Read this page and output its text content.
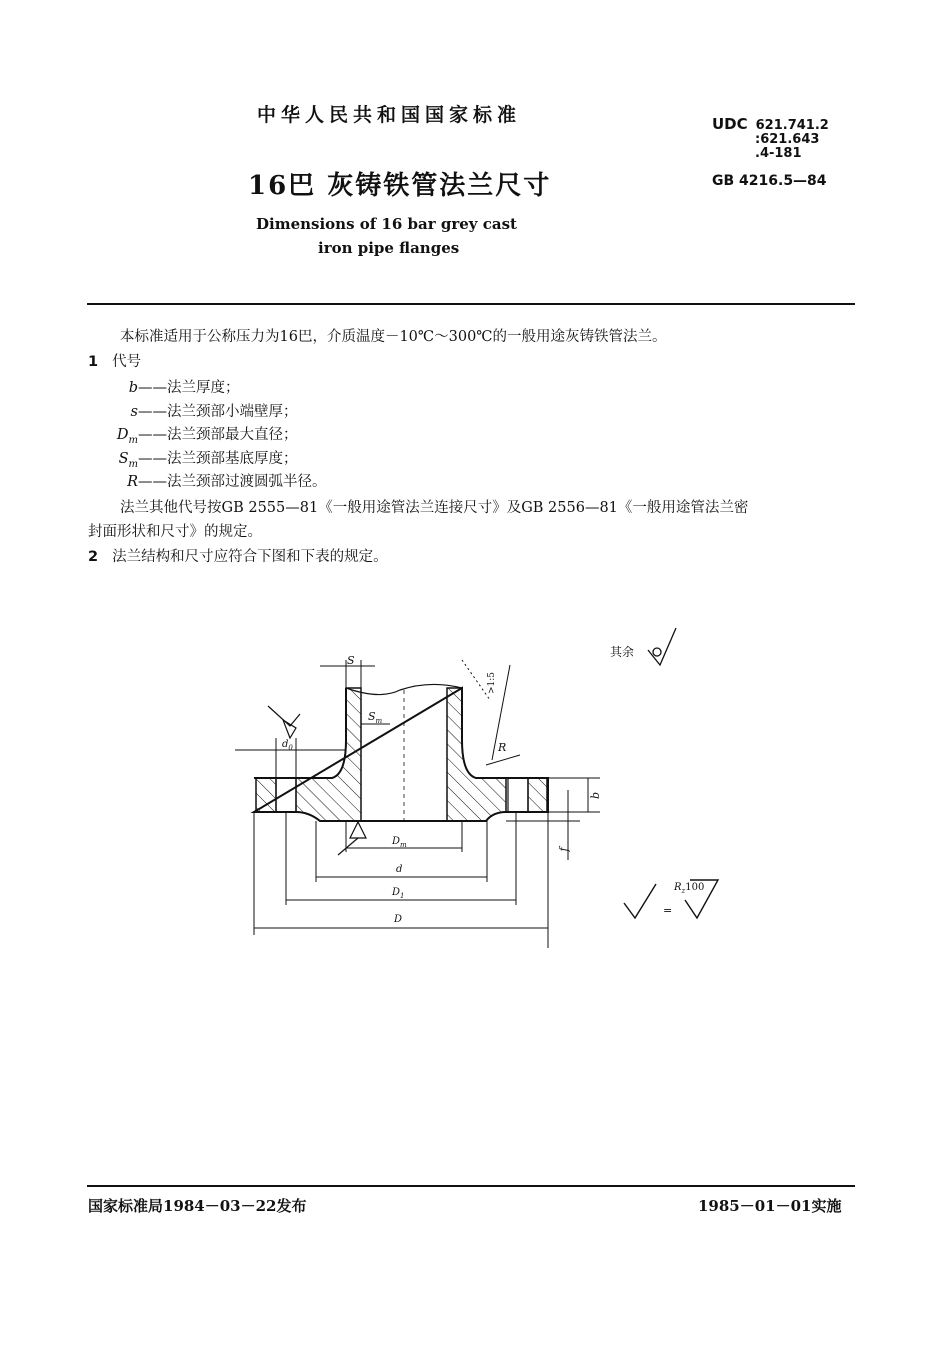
中华人民共和国国家标准	UDC 621.741.2
:621.643
.4-181
GB 4216.5—84
16巴 灰铸铁管法兰尺寸
Dimensions of 16 bar grey cast
iron pipe flanges
本标准适用于公称压力为16巴，介质温度－10℃～300℃的一般用途灰铸铁管法兰。
1 代号
b——法兰厚度；
s——法兰颈部小端壁厚；
$D_m——$法兰颈部最大直径；
$S_m——$法兰颈部基底厚度；
R——法兰颈部过渡圆弧半径。
法兰其他代号按GB 2555—81《一般用途管法兰连接尺寸》及GB 2556—81《一般用途管法兰密
封面形状和尺寸》的规定。
2 法兰结构和尺寸应符合下图和下表的规定。
其余
S
$S_m$
$d_0$
>1:5
R
b
f
$D_m$
d
$D_1$
D
=
$R_z100$
国家标准局1984－03－22发布	1985－01－01实施
